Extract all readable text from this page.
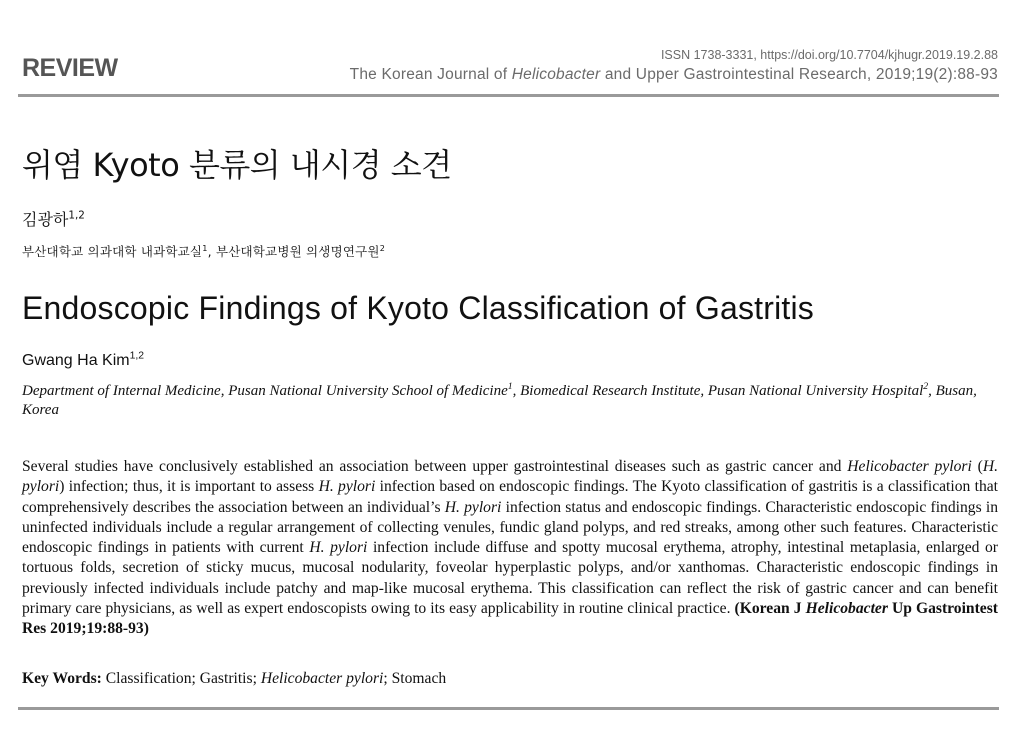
REVIEW	ISSN 1738-3331, https://doi.org/10.7704/kjhugr.2019.19.2.88
The Korean Journal of Helicobacter and Upper Gastrointestinal Research, 2019;19(2):88-93
위염 Kyoto 분류의 내시경 소견
김광하$^{1,2}$
부산대학교 의과대학 내과학교실$^1$, 부산대학교병원 의생명연구원$^2$
Endoscopic Findings of Kyoto Classification of Gastritis
Gwang Ha Kim$^{1,2}$
Department of Internal Medicine, Pusan National University School of Medicine$^1$, Biomedical Research Institute, Pusan National University Hospital$^2$, Busan, Korea
Several studies have conclusively established an association between upper gastrointestinal diseases such as gastric cancer and Helicobacter pylori (H. pylori) infection; thus, it is important to assess H. pylori infection based on endoscopic findings. The Kyoto classification of gastritis is a classification that comprehensively describes the association between an individual’s H. pylori infection status and endoscopic findings. Characteristic endoscopic findings in uninfected individuals include a regular arrangement of collecting venules, fundic gland polyps, and red streaks, among other such features. Characteristic endoscopic findings in patients with current H. pylori infection include diffuse and spotty mucosal erythema, atrophy, intestinal metaplasia, enlarged or tortuous folds, secretion of sticky mucus, mucosal nodularity, foveolar hyperplastic polyps, and/or xanthomas. Characteristic endoscopic findings in previously infected individuals include patchy and map-like mucosal erythema. This classification can reflect the risk of gastric cancer and can benefit primary care physicians, as well as expert endoscopists owing to its easy applicability in routine clinical practice. (Korean J Helicobacter Up Gastrointest Res 2019;19:88-93)
Key Words: Classification; Gastritis; Helicobacter pylori; Stomach
